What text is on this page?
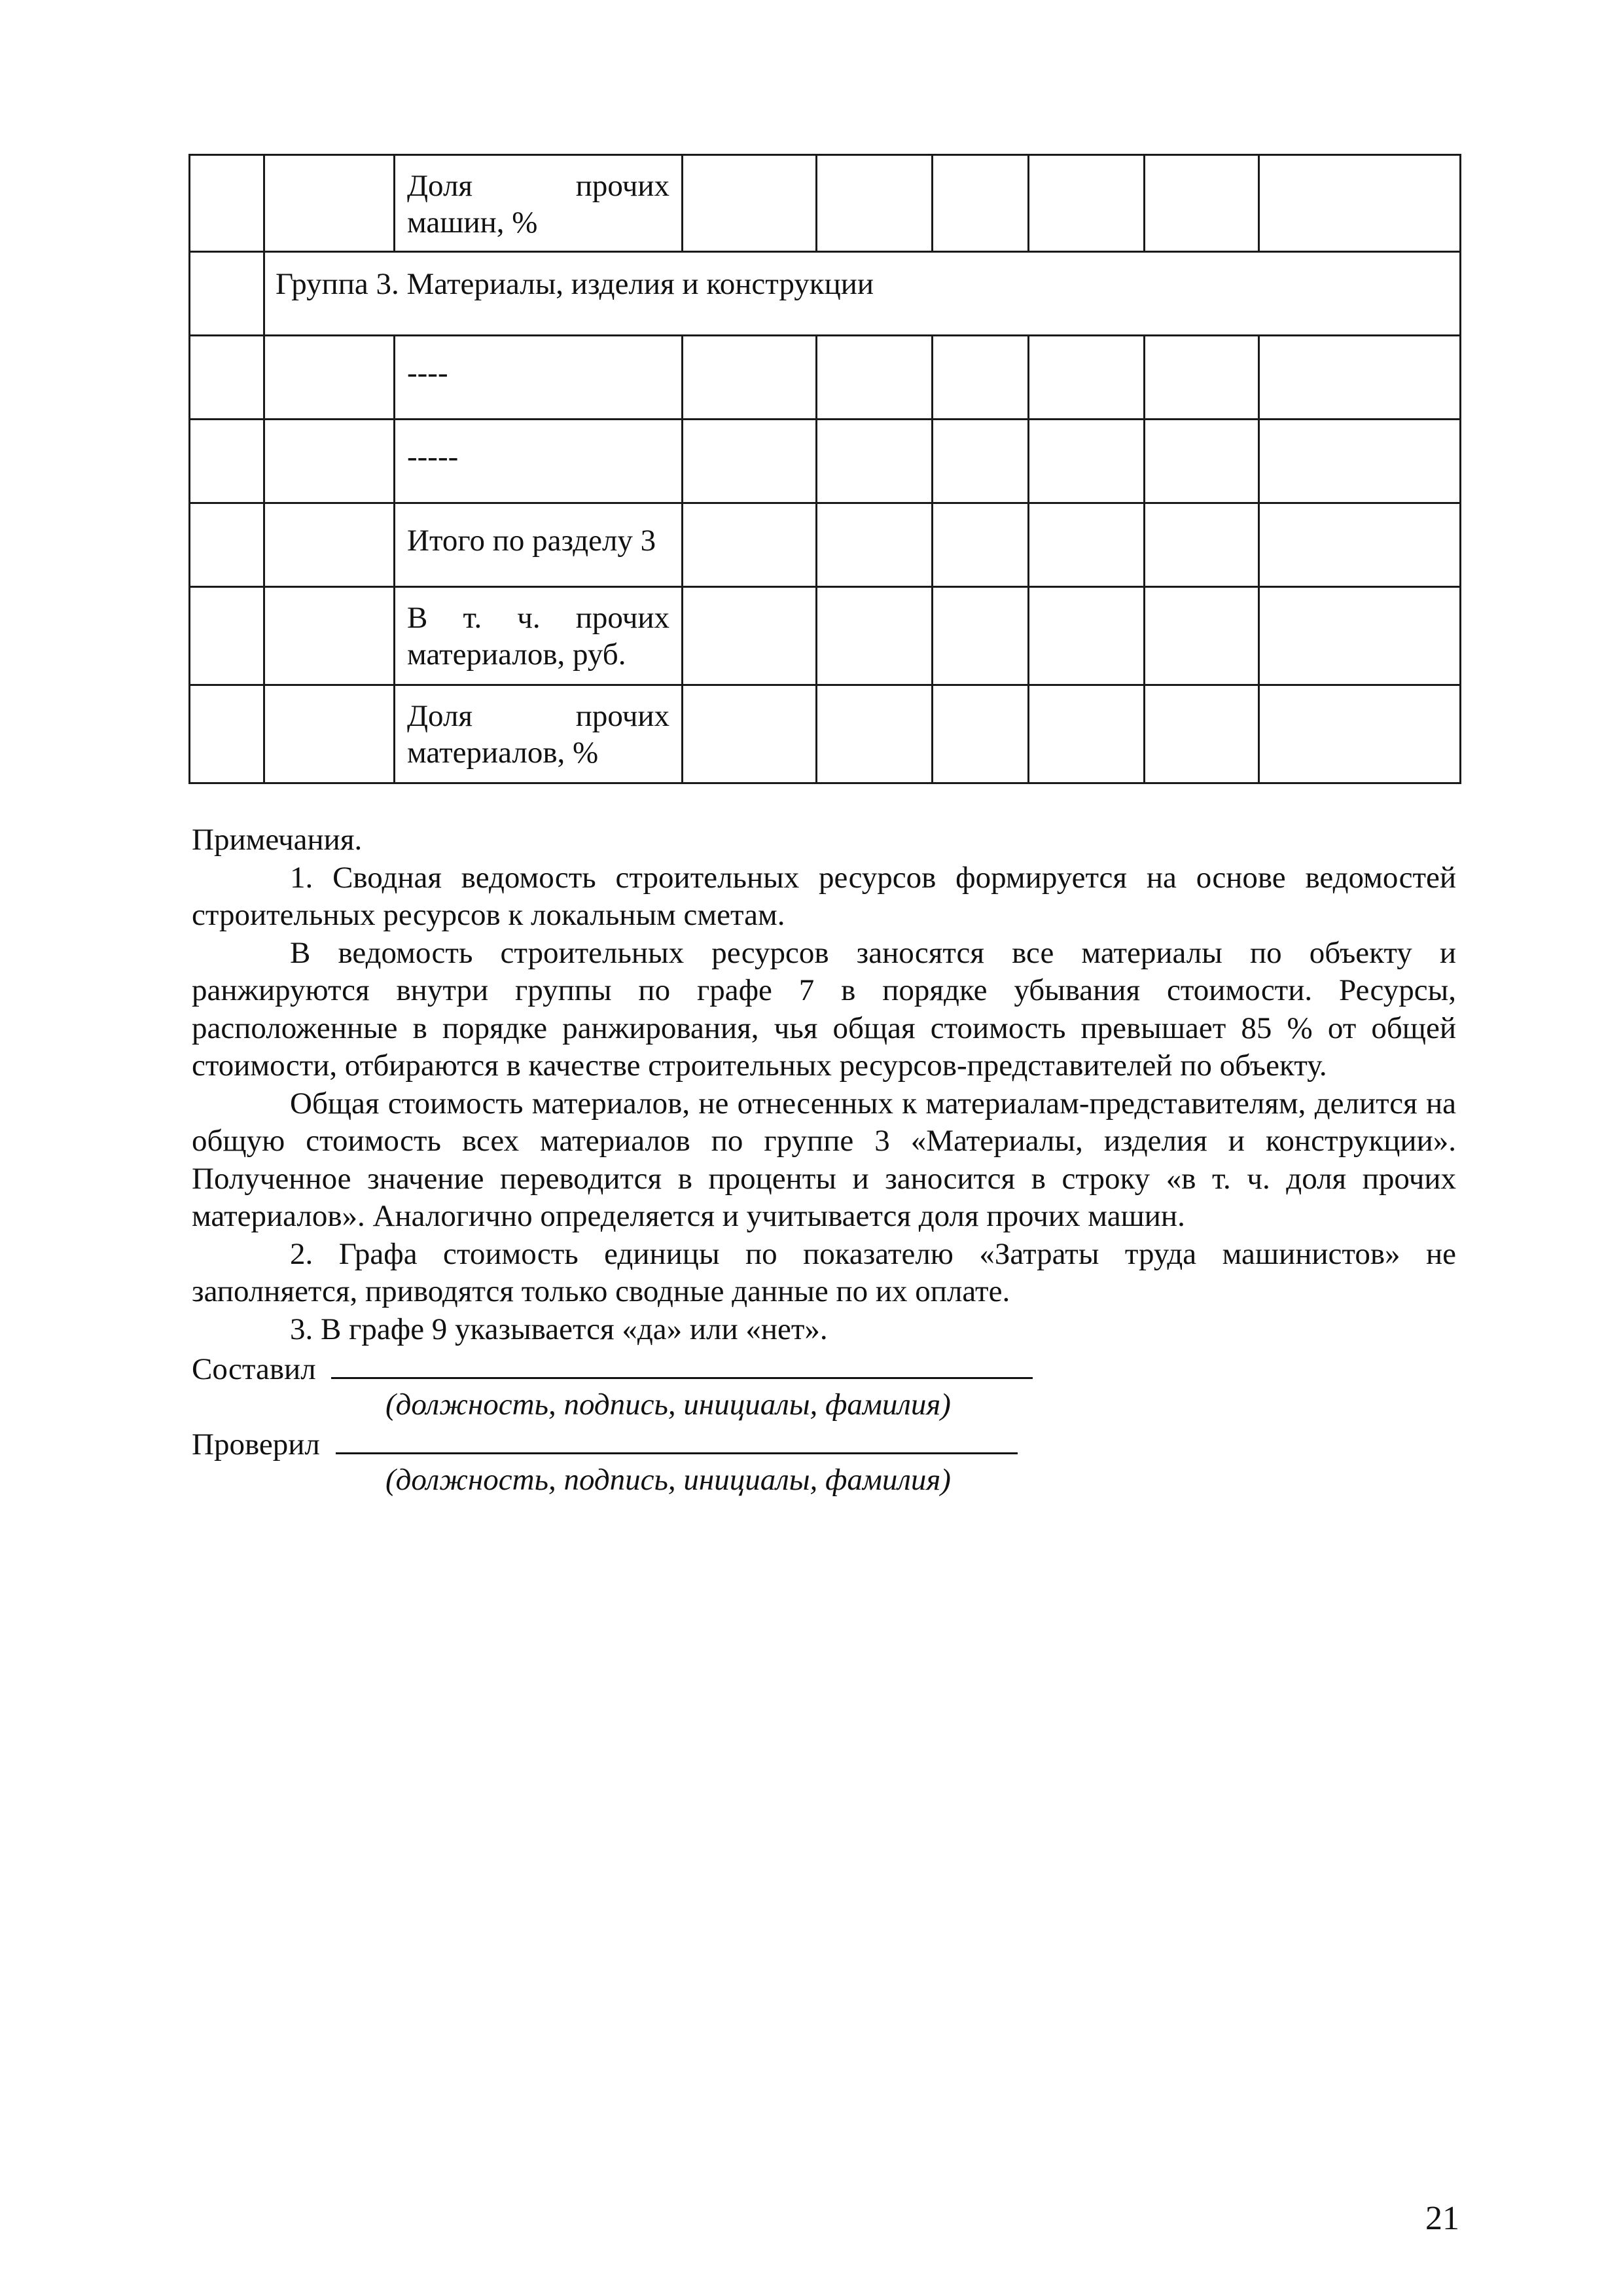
		Доля прочих машин, %						

	Группа 3. Материалы, изделия и конструкции							

		----						

		-----						

		Итого по разделу 3						

		В т. ч. прочих материалов, руб.						

		Доля прочих материалов, %						

Примечания.

1. Сводная ведомость строительных ресурсов формируется на основе ведомостей строительных ресурсов к локальным сметам.

В ведомость строительных ресурсов заносятся все материалы по объекту и ранжируются внутри группы по графе 7 в порядке убывания стоимости. Ресурсы, расположенные в порядке ранжирования, чья общая стоимость превышает 85 % от общей стоимости, отбираются в качестве строительных ресурсов-представителей по объекту.

Общая стоимость материалов, не отнесенных к материалам-представителям, делится на общую стоимость всех материалов по группе 3 «Материалы, изделия и конструкции». Полученное значение переводится в проценты и заносится в строку «в т. ч. доля прочих материалов». Аналогично определяется и учитывается доля прочих машин.

2. Графа стоимость единицы по показателю «Затраты труда машинистов» не заполняется, приводятся только сводные данные по их оплате.

3. В графе 9 указывается «да» или «нет».

Составил
(должность, подпись, инициалы, фамилия)
Проверил
(должность, подпись, инициалы, фамилия)
21
